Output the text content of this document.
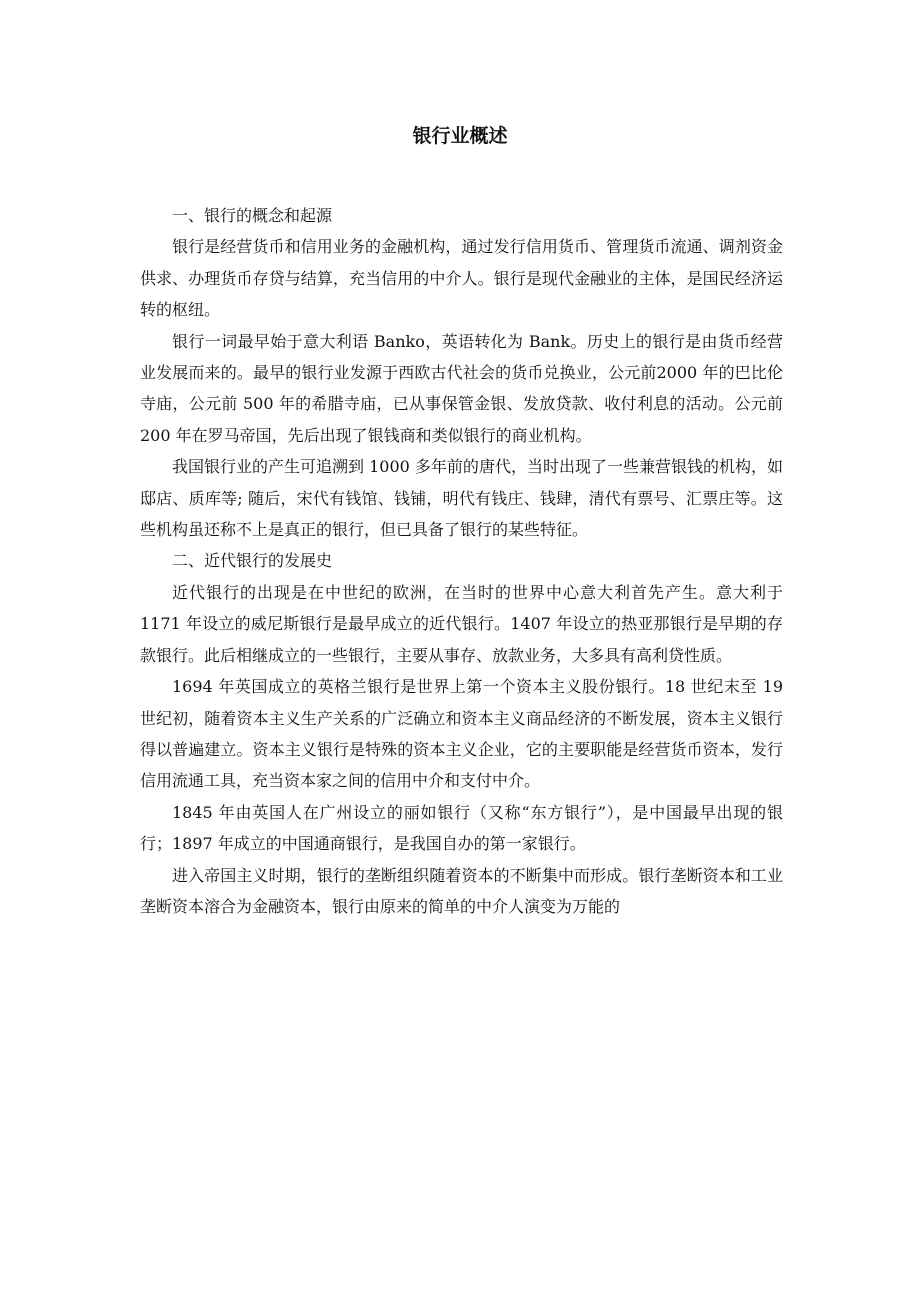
银行业概述

一、银行的概念和起源

银行是经营货币和信用业务的金融机构，通过发行信用货币、管理货币流通、调剂资金供求、办理货币存贷与结算，充当信用的中介人。银行是现代金融业的主体，是国民经济运转的枢纽。

银行一词最早始于意大利语 Banko，英语转化为 Bank。历史上的银行是由货币经营业发展而来的。最早的银行业发源于西欧古代社会的货币兑换业，公元前2000 年的巴比伦寺庙，公元前 500 年的希腊寺庙，已从事保管金银、发放贷款、收付利息的活动。公元前 200 年在罗马帝国，先后出现了银钱商和类似银行的商业机构。

我国银行业的产生可追溯到 1000 多年前的唐代，当时出现了一些兼营银钱的机构，如邸店、质库等; 随后，宋代有钱馆、钱铺，明代有钱庄、钱肆，清代有票号、汇票庄等。这些机构虽还称不上是真正的银行，但已具备了银行的某些特征。

二、近代银行的发展史

近代银行的出现是在中世纪的欧洲，在当时的世界中心意大利首先产生。意大利于 1171 年设立的威尼斯银行是最早成立的近代银行。1407 年设立的热亚那银行是早期的存款银行。此后相继成立的一些银行，主要从事存、放款业务，大多具有高利贷性质。

1694 年英国成立的英格兰银行是世界上第一个资本主义股份银行。18 世纪末至 19 世纪初，随着资本主义生产关系的广泛确立和资本主义商品经济的不断发展，资本主义银行得以普遍建立。资本主义银行是特殊的资本主义企业，它的主要职能是经营货币资本，发行信用流通工具，充当资本家之间的信用中介和支付中介。

1845 年由英国人在广州设立的丽如银行（又称“东方银行”），是中国最早出现的银行；1897 年成立的中国通商银行，是我国自办的第一家银行。

进入帝国主义时期，银行的垄断组织随着资本的不断集中而形成。银行垄断资本和工业垄断资本溶合为金融资本，银行由原来的简单的中介人演变为万能的
